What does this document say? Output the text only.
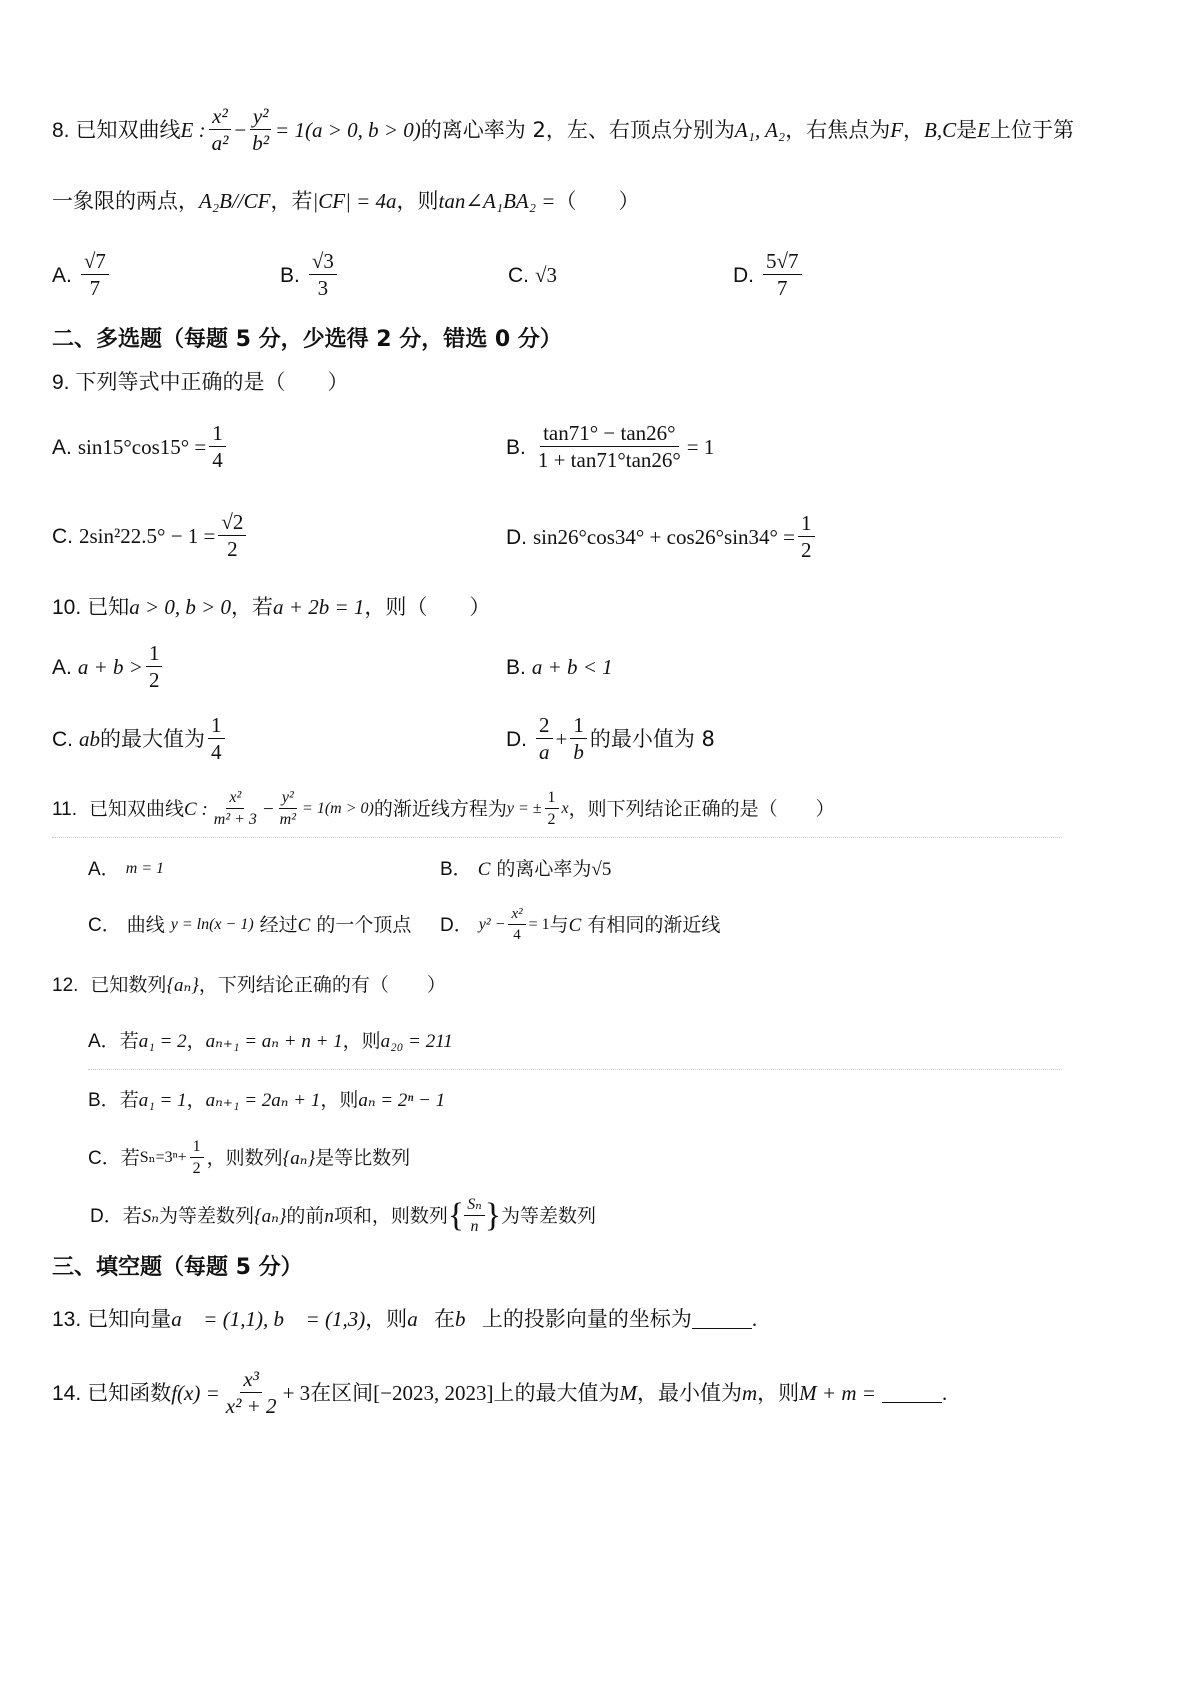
8. 已知双曲线 E : $\frac{\text{x²}}{\text{a²}} - \frac{\text{y²}}{\text{b²}} = 1(a > 0$, b > 0) 的离心率为 2，左、右顶点分别为 A₁, A₂ ，右焦点为 F ， B,C 是 E 上位于第
一象限的两点， A₂B//CF ，若 |CF| = 4a ，则 tan∠A₁BA₂ = （　　）
A. $\frac{√7}{7}$	B. $\frac{√3}{3}$	C. √3	D. $\frac{5√7}{7}$
二、多选题（每题 5 分，少选得 2 分，错选 0 分）
9. 下列等式中正确的是（　　）
A. $\sin 15^\circ\cos 15^\circ = \frac{1}{4}$	B. $\frac{\tan 71^\circ - \tan 26^\circ}{1 + \tan 71^\circ\tan 26^\circ} = 1$
C. $2\sin^222.5^\circ - 1 = \frac{√2}{2}$	D. $\sin 26^\circ\cos 34^\circ + \cos 26^\circ\sin 34^\circ = \frac{1}{2}$
10. 已知 a > 0, b > 0 ，若 a + 2b = 1 ，则（　　）
A. $a + b > \frac{1}{2}$	B. a + b < 1
C. ab 的最大值为 $\frac{1}{4}$	D. $\frac{2}{a} + \frac{1}{b}$ 的最小值为 8
11. 已知双曲线 C : $\frac{\text{x²}}{\text{m² + 3}} - \frac{\text{y²}}{\text{m²}} = 1(m > 0)$ 的渐近线方程为 y = ± $\frac{1}{2}$ x ，则下列结论正确的是（　　）
A． m = 1	B． C 的离心率为 √5
C． 曲线 y = ln(x − 1) 经过 C 的一个顶点 D． $y^2 - \frac{\text{x²}}{4} = 1$ 与 C 有相同的渐近线
12. 已知数列 {aₙ} ，下列结论正确的有（　　）
A． 若 a₁ = 2 ， aₙ₊₁ = aₙ + n + 1 ，则 a₂₀ = 211
B． 若 a₁ = 1 ， aₙ₊₁ = 2aₙ + 1 ，则 aₙ = 2ⁿ − 1
C． 若 $S_n=3^n+ \frac{1}{2}$ ，则数列 {aₙ} 是等比数列
D． 若 Sₙ 为等差数列 {aₙ} 的前 n 项和，则数列 { $\frac{\text{Sₙ}}{n}$ } 为等差数列
三、填空题（每题 5 分）
13. 已知向量 a⃗ = (1,1), b⃗ = (1,3) ，则 a⃗ 在 b⃗ 上的投影向量的坐标为	.
14. 已知函数 $f(x) = \frac{\text{x³}}{\text{x² + 2}} + 3$ 在区间 [−2023, 2023] 上的最大值为 M ，最小值为 m ，则 M + m =	.
